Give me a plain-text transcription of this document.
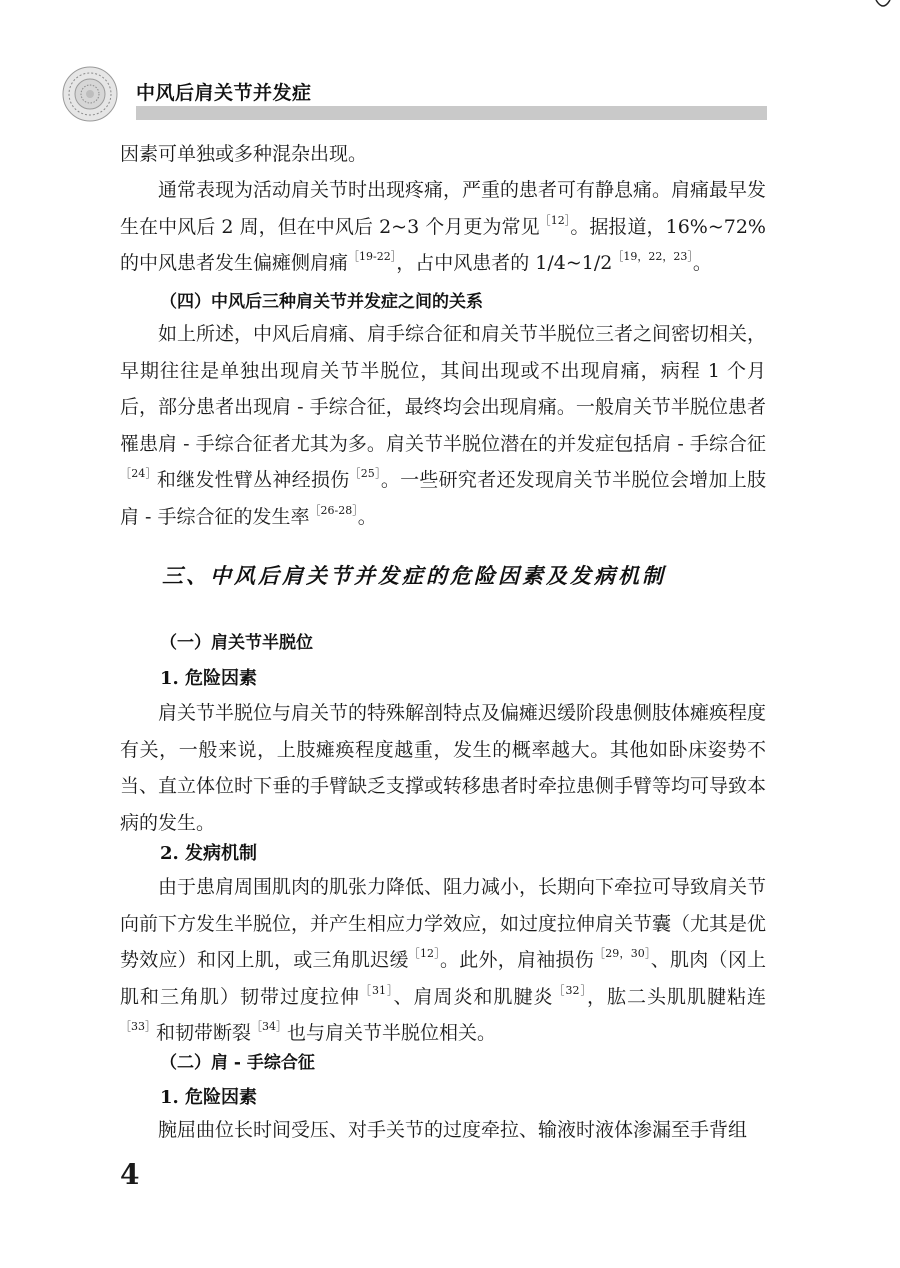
中风后肩关节并发症

因素可单独或多种混杂出现。

通常表现为活动肩关节时出现疼痛，严重的患者可有静息痛。肩痛最早发生在中风后 2 周，但在中风后 2~3 个月更为常见$^{[12]}$。据报道，16%~72% 的中风患者发生偏瘫侧肩痛$^{[19-22]}$，占中风患者的 $1/4\sim 1/2^{[19,22,23]}$。

（四）中风后三种肩关节并发症之间的关系

如上所述，中风后肩痛、肩手综合征和肩关节半脱位三者之间密切相关，早期往往是单独出现肩关节半脱位，其间出现或不出现肩痛，病程 1 个月后，部分患者出现肩 - 手综合征，最终均会出现肩痛。一般肩关节半脱位患者罹患肩 - 手综合征者尤其为多。肩关节半脱位潜在的并发症包括肩 - 手综合征$^{[24]}$和继发性臂丛神经损伤$^{[25]}$。一些研究者还发现肩关节半脱位会增加上肢肩 - 手综合征的发生率$^{[26-28]}$。

三、中风后肩关节并发症的危险因素及发病机制
（一）肩关节半脱位
1. 危险因素

肩关节半脱位与肩关节的特殊解剖特点及偏瘫迟缓阶段患侧肢体瘫痪程度有关，一般来说，上肢瘫痪程度越重，发生的概率越大。其他如卧床姿势不当、直立体位时下垂的手臂缺乏支撑或转移患者时牵拉患侧手臂等均可导致本病的发生。

2. 发病机制

由于患肩周围肌肉的肌张力降低、阻力减小，长期向下牵拉可导致肩关节向前下方发生半脱位，并产生相应力学效应，如过度拉伸肩关节囊（尤其是优势效应）和冈上肌，或三角肌迟缓$^{[12]}$。此外，肩袖损伤$^{[29,30]}$、肌肉（冈上肌和三角肌）韧带过度拉伸$^{[31]}$、肩周炎和肌腱炎$^{[32]}$，肱二头肌肌腱粘连$^{[33]}$和韧带断裂$^{[34]}$也与肩关节半脱位相关。

（二）肩 - 手综合征
1. 危险因素

腕屈曲位长时间受压、对手关节的过度牵拉、输液时液体渗漏至手背组

4
